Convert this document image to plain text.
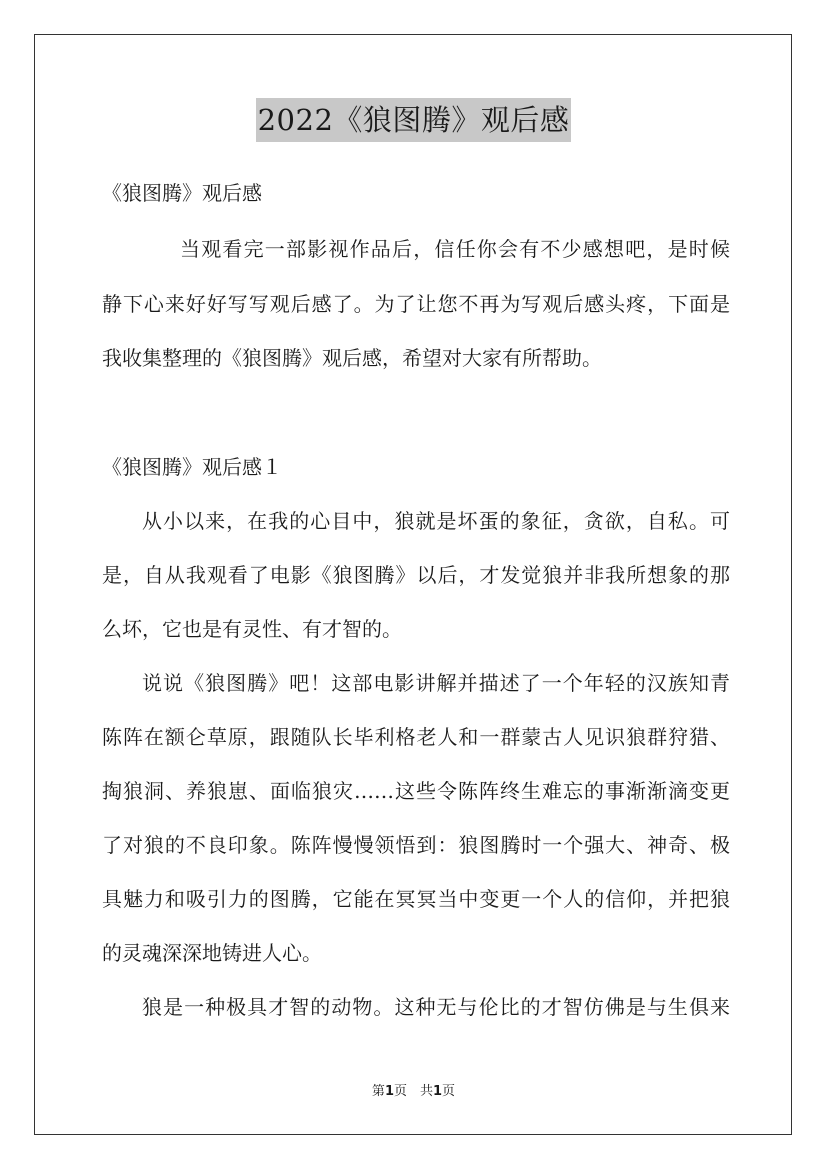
2022《狼图腾》观后感
《狼图腾》观后感
当观看完一部影视作品后，信任你会有不少感想吧，是时候
静下心来好好写写观后感了。为了让您不再为写观后感头疼，下面是
我收集整理的《狼图腾》观后感，希望对大家有所帮助。
《狼图腾》观后感１
从小以来，在我的心目中，狼就是坏蛋的象征，贪欲，自私。可
是，自从我观看了电影《狼图腾》以后，才发觉狼并非我所想象的那
么坏，它也是有灵性、有才智的。
说说《狼图腾》吧！这部电影讲解并描述了一个年轻的汉族知青
陈阵在额仑草原，跟随队长毕利格老人和一群蒙古人见识狼群狩猎、
掏狼洞、养狼崽、面临狼灾……这些令陈阵终生难忘的事渐渐滴变更
了对狼的不良印象。陈阵慢慢领悟到：狼图腾时一个强大、神奇、极
具魅力和吸引力的图腾，它能在冥冥当中变更一个人的信仰，并把狼
的灵魂深深地铸进人心。
狼是一种极具才智的动物。这种无与伦比的才智仿佛是与生俱来
第1页　共1页
